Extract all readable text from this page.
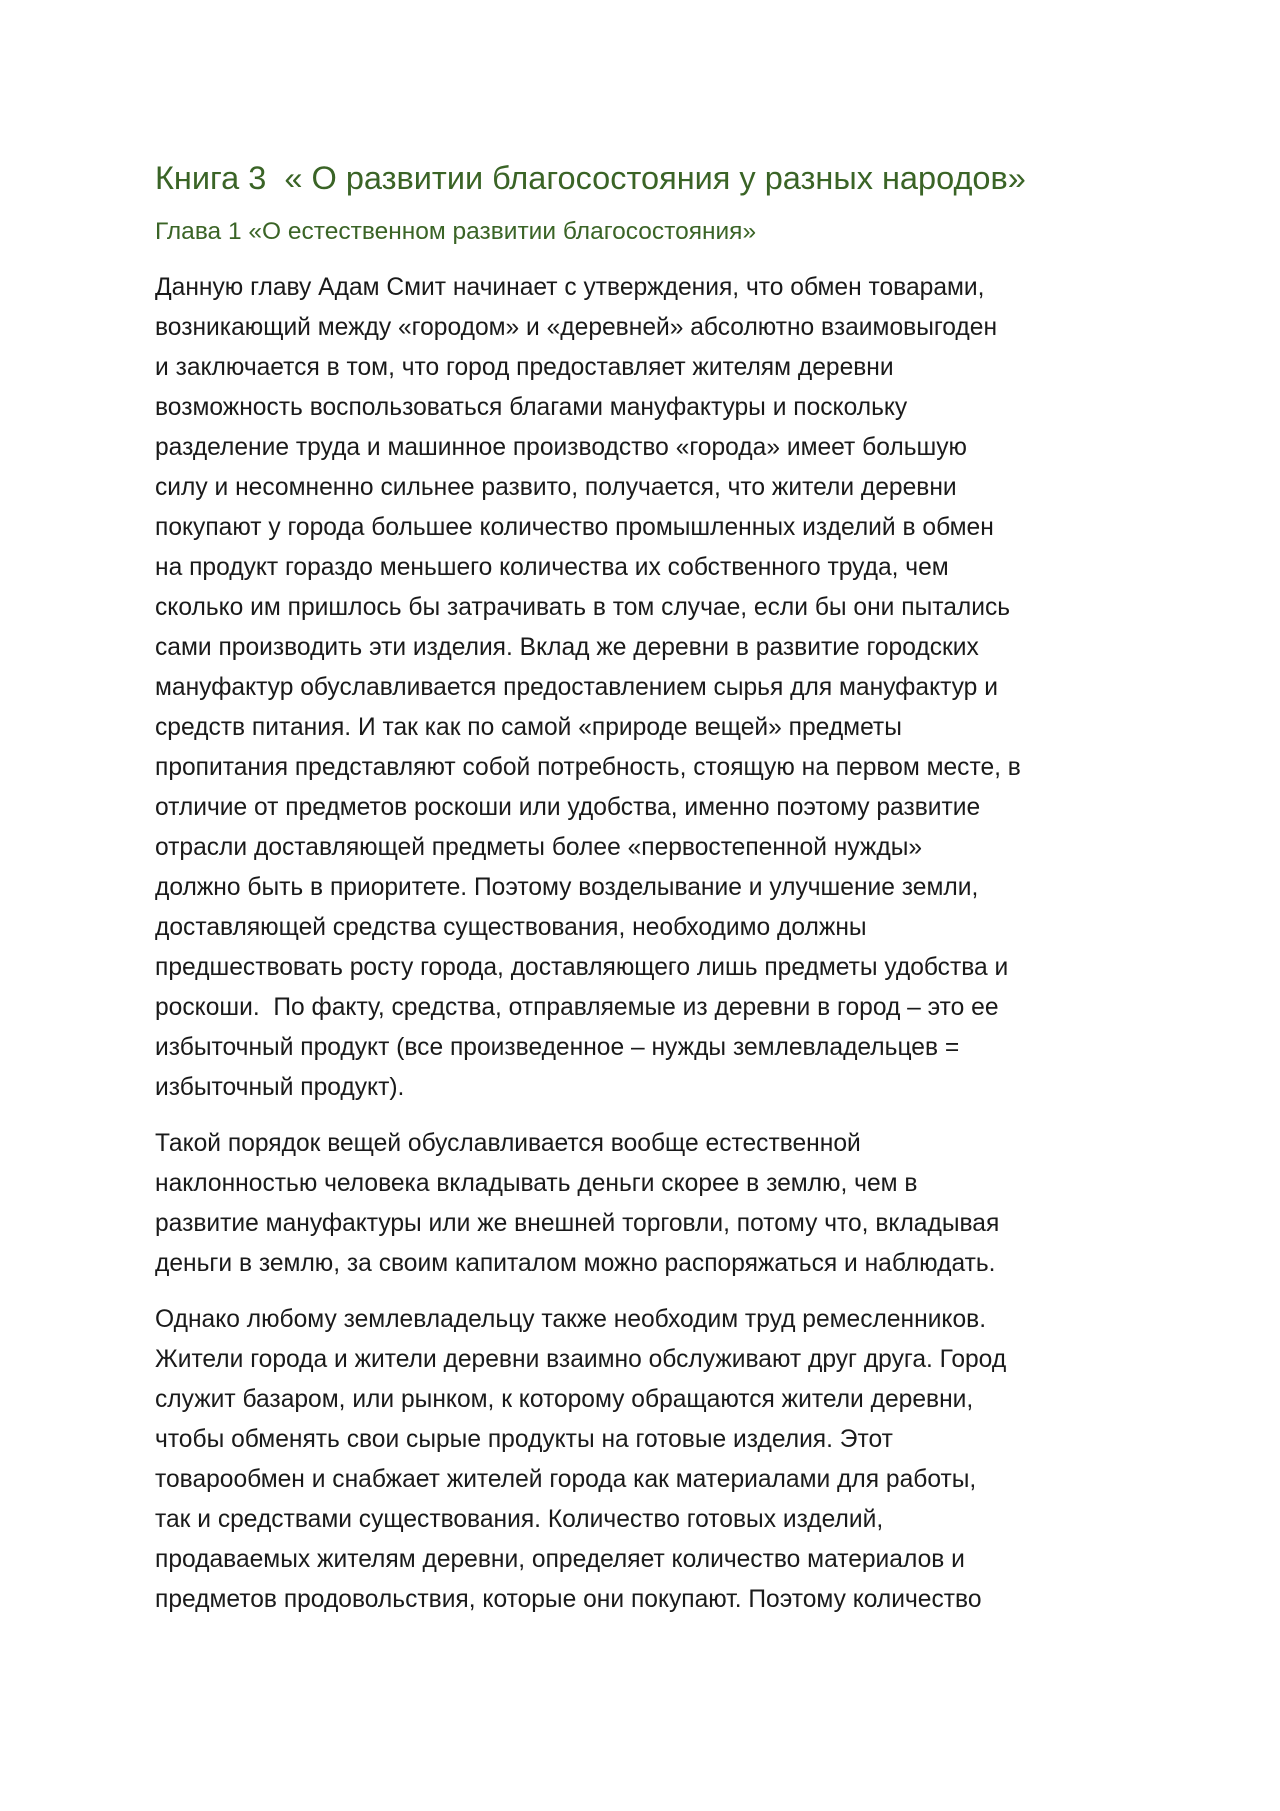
Книга 3  « О развитии благосостояния у разных народов»
Глава 1 «О естественном развитии благосостояния»
Данную главу Адам Смит начинает с утверждения, что обмен товарами,
возникающий между «городом» и «деревней» абсолютно взаимовыгоден
и заключается в том, что город предоставляет жителям деревни
возможность воспользоваться благами мануфактуры и поскольку
разделение труда и машинное производство «города» имеет большую
силу и несомненно сильнее развито, получается, что жители деревни
покупают у города большее количество промышленных изделий в обмен
на продукт гораздо меньшего количества их собственного труда, чем
сколько им пришлось бы затрачивать в том случае, если бы они пытались
сами производить эти изделия. Вклад же деревни в развитие городских
мануфактур обуславливается предоставлением сырья для мануфактур и
средств питания. И так как по самой «природе вещей» предметы
пропитания представляют собой потребность, стоящую на первом месте, в
отличие от предметов роскоши или удобства, именно поэтому развитие
отрасли доставляющей предметы более «первостепенной нужды»
должно быть в приоритете. Поэтому возделывание и улучшение земли,
доставляющей средства существования, необходимо должны
предшествовать росту города, доставляющего лишь предметы удобства и
роскоши.  По факту, средства, отправляемые из деревни в город – это ее
избыточный продукт (все произведенное – нужды землевладельцев =
избыточный продукт).
Такой порядок вещей обуславливается вообще естественной
наклонностью человека вкладывать деньги скорее в землю, чем в
развитие мануфактуры или же внешней торговли, потому что, вкладывая
деньги в землю, за своим капиталом можно распоряжаться и наблюдать.
Однако любому землевладельцу также необходим труд ремесленников.
Жители города и жители деревни взаимно обслуживают друг друга. Город
служит базаром, или рынком, к которому обращаются жители деревни,
чтобы обменять свои сырые продукты на готовые изделия. Этот
товарообмен и снабжает жителей города как материалами для работы,
так и средствами существования. Количество готовых изделий,
продаваемых жителям деревни, определяет количество материалов и
предметов продовольствия, которые они покупают. Поэтому количество
